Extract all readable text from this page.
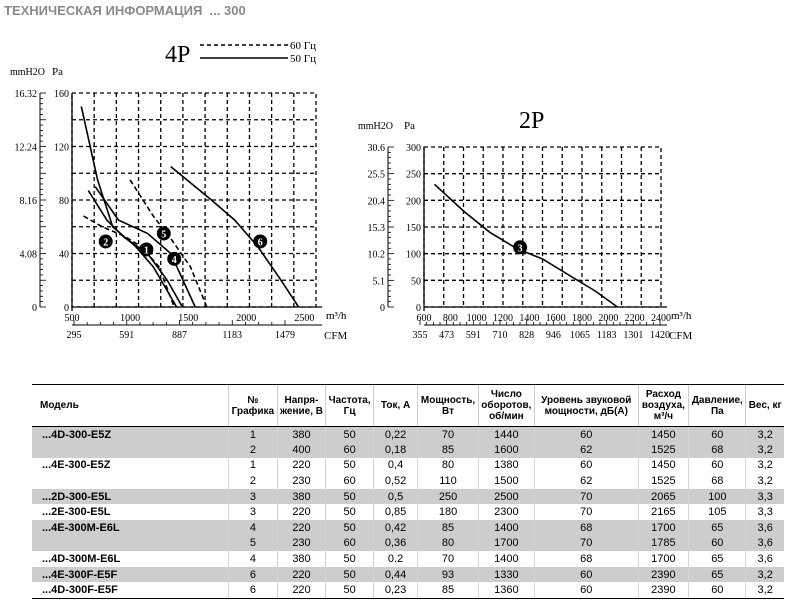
ТЕХНИЧЕСКАЯ ИНФОРМАЦИЯ  ... 300
16.32
12.24
8.16
4.08
0
160
120
80
40
0
mmH2O Pa
500	1000	1500	2000	2500
295	591	887	1183	1479
m³/h
CFM
4P	60 Гц
50 Гц
1
2
4
5
6
30.6
25.5
20.4
15.3
10.2
5.1
0
300
250
200
150
100
50
0
mmH2O Pa
600 800 1000 1200 1400 1600 1800 2000 2200 2400
355 473 591 710 828 946 1065 1183 1301 1420
m³/h
CFM
2P
3
Модель	№ Графика	Напря- жение, В	Частота, Гц	Ток, А	Мощность, Вт	Число оборотов, об/мин	Уровень звуковой мощности, дБ(А)	Расход воздуха, м³/ч	Давление, Па	Вес, кг
...4D-300-E5Z	1	380	50	0,22	70	1440	60	1450	60	3,2
	2	400	60	0,18	85	1600	62	1525	68	3,2
...4E-300-E5Z	1	220	50	0,4	80	1380	60	1450	60	3,2
	2	230	60	0,52	110	1500	62	1525	68	3,2
...2D-300-E5L	3	380	50	0,5	250	2500	70	2065	100	3,3
...2E-300-E5L	3	220	50	0,85	180	2300	70	2165	105	3,3
...4E-300M-E6L	4	220	50	0,42	85	1400	68	1700	65	3,6
	5	230	60	0,36	80	1700	70	1785	60	3,6
...4D-300M-E6L	4	380	50	0.2	70	1400	68	1700	65	3,6
...4E-300F-E5F	6	220	50	0,44	93	1330	60	2390	65	3,2
...4D-300F-E5F	6	220	50	0,23	85	1360	60	2390	60	3,2
